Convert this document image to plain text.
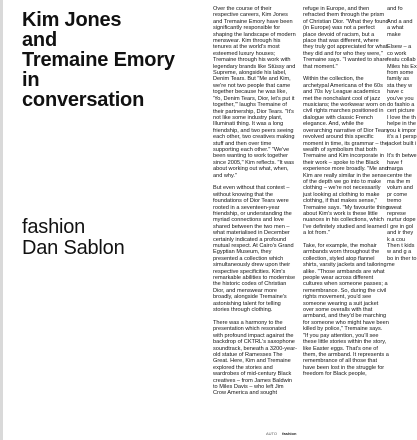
Kim Jones
and
Tremaine Emory
in
conversation
fashion
Dan Sablon

Over the course of their respective careers, Kim Jones and Tremaine Emory have been significantly responsible for shaping the landscape of modern menswear. Kim through his tenures at the world's most esteemed luxury houses; Tremaine through his work with legendary brands like Stüssy and Supreme, alongside his label, Denim Tears. But "Me and Kim, we're not two people that came together because he was like, 'Yo, Denim Tears, Dior, let's put it together,'" laughs Tremaine of their partnership, Dior Tears. "It's not like some industry plant, Illuminati thing. It was a long friendship, and two peers seeing each other, two creatives making stuff and then over time supporting each other." "We've been wanting to work together since 2005," Kim reflects. "It was about working out what, when, and why."

But even without that context – without knowing that the foundations of Dior Tears were rooted in a seventeen-year friendship, or understanding the myriad connections and love shared between the two men – what materialised in December certainly indicated a profound mutual respect. At Cairo's Grand Egyptian Museum, they presented a collection which simultaneously drew upon their respective specificities. Kim's remarkable abilities to modernise the historic codes of Christian Dior, and menswear more broadly, alongside Tremaine's astonishing talent for telling stories through clothing.

There was a harmony to the presentation which resonated with profound impact against the backdrop of CKTRL's saxophone soundtrack, beneath a 3200-year-old statue of Ramesses The Great. Here, Kim and Tremaine explored the stories and wardrobes of mid-century Black creatives – from James Baldwin to Miles Davis – who left Jim Crow America and sought

refuge in Europe, and then refracted them through the prism of Christian Dior. "What they found (in Europe) was not a perfect place devoid of racism, but a place that was different, where they truly got appreciated for what they did and for who they were," Tremaine says. "I wanted to share that moment."

Within the collection, the archetypal Americana of the 60s and 70s Ivy League academics met the nonchalant cool of jazz musicians; the workwear worn on civil rights marches positioned in dialogue with classic French elegance. And, while the overarching narrative of Dior Tears revolved around this specific moment in time, its grammar – the wealth of symbolism that both Tremaine and Kim incorporate in their work – spoke to the Black experience more broadly. "Me and Kim are really similar in the sense of the depth we go into to make clothing – we're not necessarily just looking at clothing to make clothing, if that makes sense," Tremaine says. "My favourite thing about Kim's work is these little nuances in his collections, which I've definitely studied and learned a lot from."

Take, for example, the mohair armbands worn throughout the collection, styled atop flannel shirts, varsity jackets and tailoring alike. "Those armbands are what people wear across different cultures when someone passes; a remembrance. So, during the civil rights movement, you'd see someone wearing a suit jacket over some overalls with that armband, and they'd be marching for someone who might have been killed by police," Tremaine says. "If you pay attention, you'll see these little stories within the story, like Easter eggs. That's one of them, the armband. It represents a remembrance of all those that have been lost in the struggle for freedom for Black people,

and fo

And a and a what make

Elsew – a co work featu collab Miles his Ex from some family as sta they w have c you've you do fashio a cert picture I love the th helpe in the you k impor it's a l persp jacket built i

It's th betwe have f marga centre the ma the m volum and pr come tremo sweat represe nurtur dope I gre in gol and ir they k a cou Then t kids w and g a bo in ther to me

AUTO fashion
